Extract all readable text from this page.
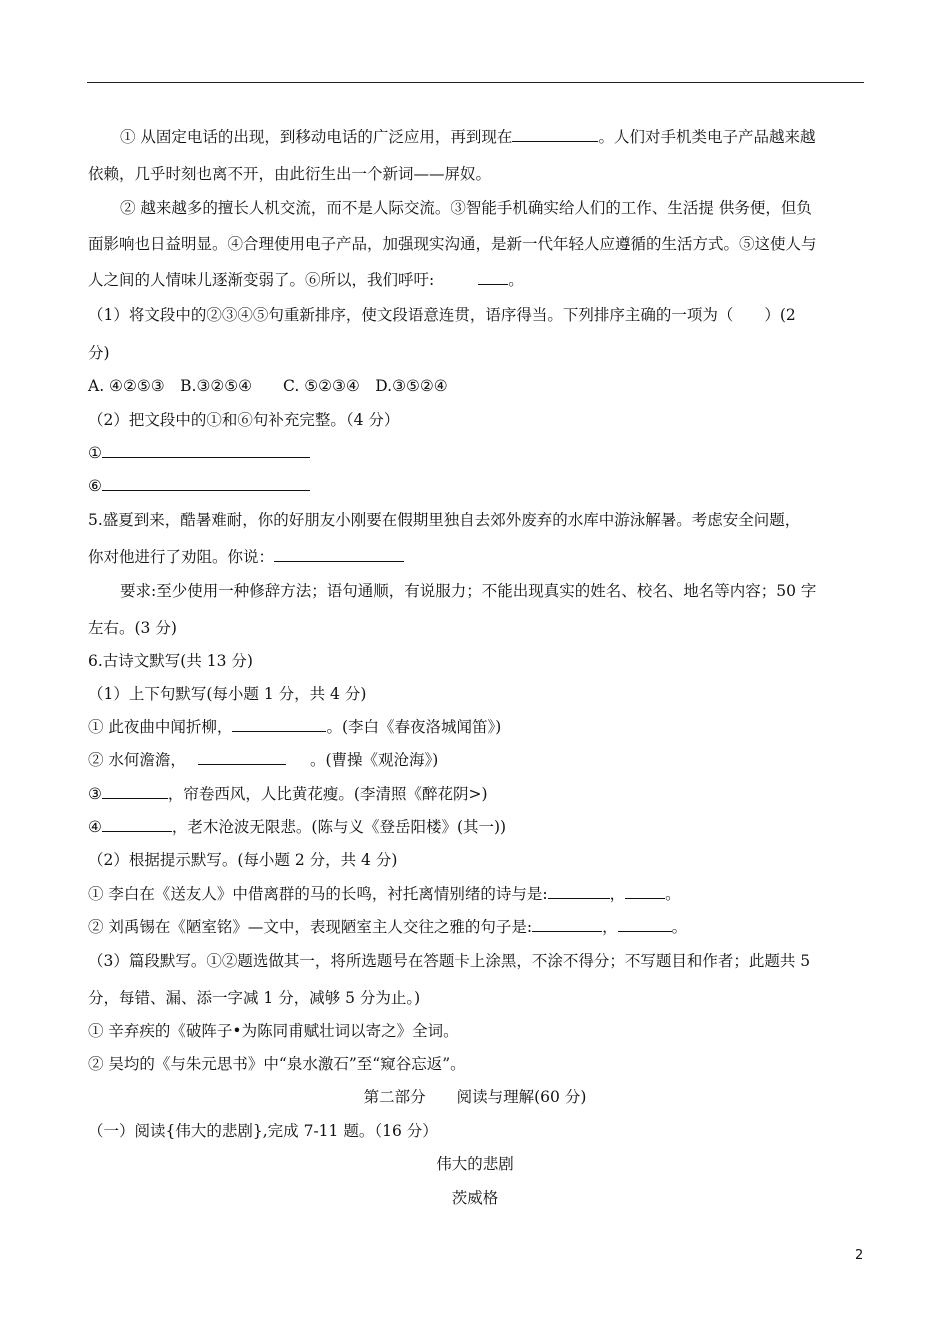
① 从固定电话的出现，到移动电话的广泛应用，再到现在	。人们对手机类电子产品越来越
依赖，几乎时刻也离不开，由此衍生出一个新词——屏奴。
② 越来越多的擅长人机交流，而不是人际交流。③智能手机确实给人们的工作、生活提 供务便，但负
面影响也日益明显。④合理使用电子产品，加强现实沟通，是新一代年轻人应遵循的生活方式。⑤这使人与
人之间的人情味儿逐渐变弱了。⑥所以，我们呼吁:	。
（1）将文段中的②③④⑤句重新排序，使文段语意连贯，语序得当。下列排序主确的一项为（　　）(2
分)
A. ④②⑤③　B.③②⑤④　　C. ⑤②③④　D.③⑤②④
（2）把文段中的①和⑥句补充完整。（4 分）
①
⑥
5.盛夏到来，酷暑难耐，你的好朋友小刚要在假期里独自去郊外废弃的水库中游泳解暑。考虑安全问题，
你对他进行了劝阻。你说：
要求:至少使用一种修辞方法；语句通顺，有说服力；不能出现真实的姓名、校名、地名等内容；50 字
左右。(3 分)
6.古诗文默写(共 13 分)
（1）上下句默写(每小题 1 分，共 4 分)
① 此夜曲中闻折柳，	。(李白《春夜洛城闻笛》)
② 水何澹澹，	。(曹操《观沧海》)
③	，帘卷西风，人比黄花瘦。(李清照《醉花阴>)
④	，老木沧波无限悲。(陈与义《登岳阳楼》(其一))
（2）根据提示默写。(每小题 2 分，共 4 分)
① 李白在《送友人》中借离群的马的长鸣，衬托离情别绪的诗与是:	，	。
② 刘禹锡在《陋室铭》—文中，表现陋室主人交往之雅的句子是:	，	。
（3）篇段默写。①②题选做其一，将所选题号在答题卡上涂黑，不涂不得分；不写题目和作者；此题共 5
分，每错、漏、添一字减 1 分，减够 5 分为止。)
① 辛弃疾的《破阵子•为陈同甫赋壮词以寄之》全词。
② 吴均的《与朱元思书》中“泉水激石”至“窥谷忘返”。
第二部分　　阅读与理解(60 分)
（一）阅读{伟大的悲剧},完成 7-11 题。（16 分）
伟大的悲剧
茨威格
2
